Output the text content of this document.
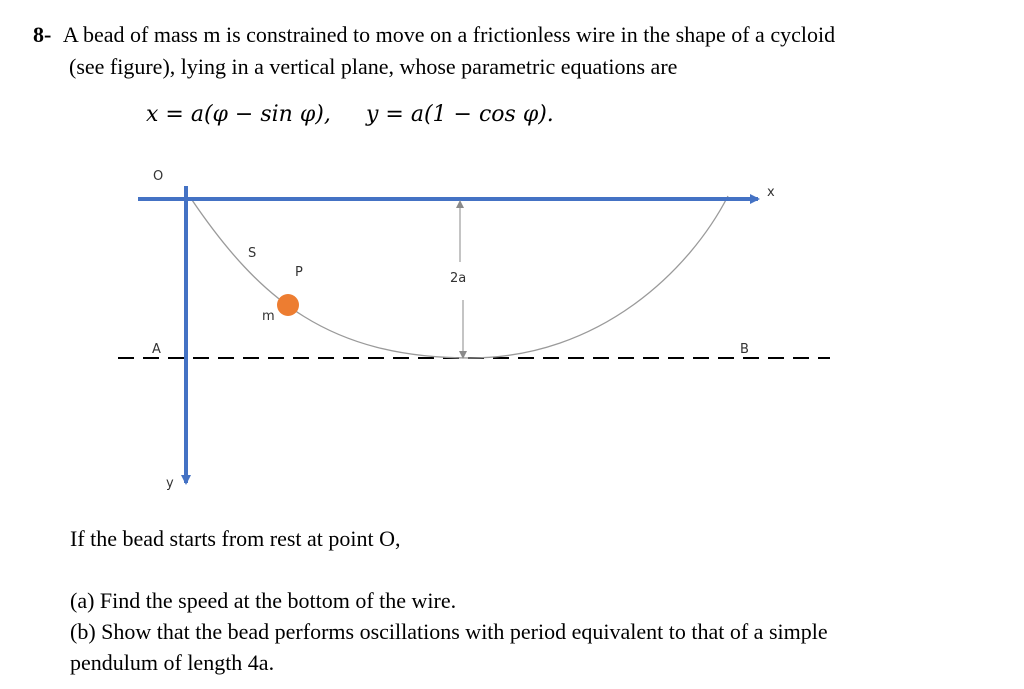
8- A bead of mass m is constrained to move on a frictionless wire in the shape of a cycloid
(see figure), lying in a vertical plane, whose parametric equations are
x = a(φ − sin φ), y = a(1 − cos φ).
O
x
y
S
P
m
2a
A	B
If the bead starts from rest at point O,
(a) Find the speed at the bottom of the wire.
(b) Show that the bead performs oscillations with period equivalent to that of a simple
pendulum of length 4a.
